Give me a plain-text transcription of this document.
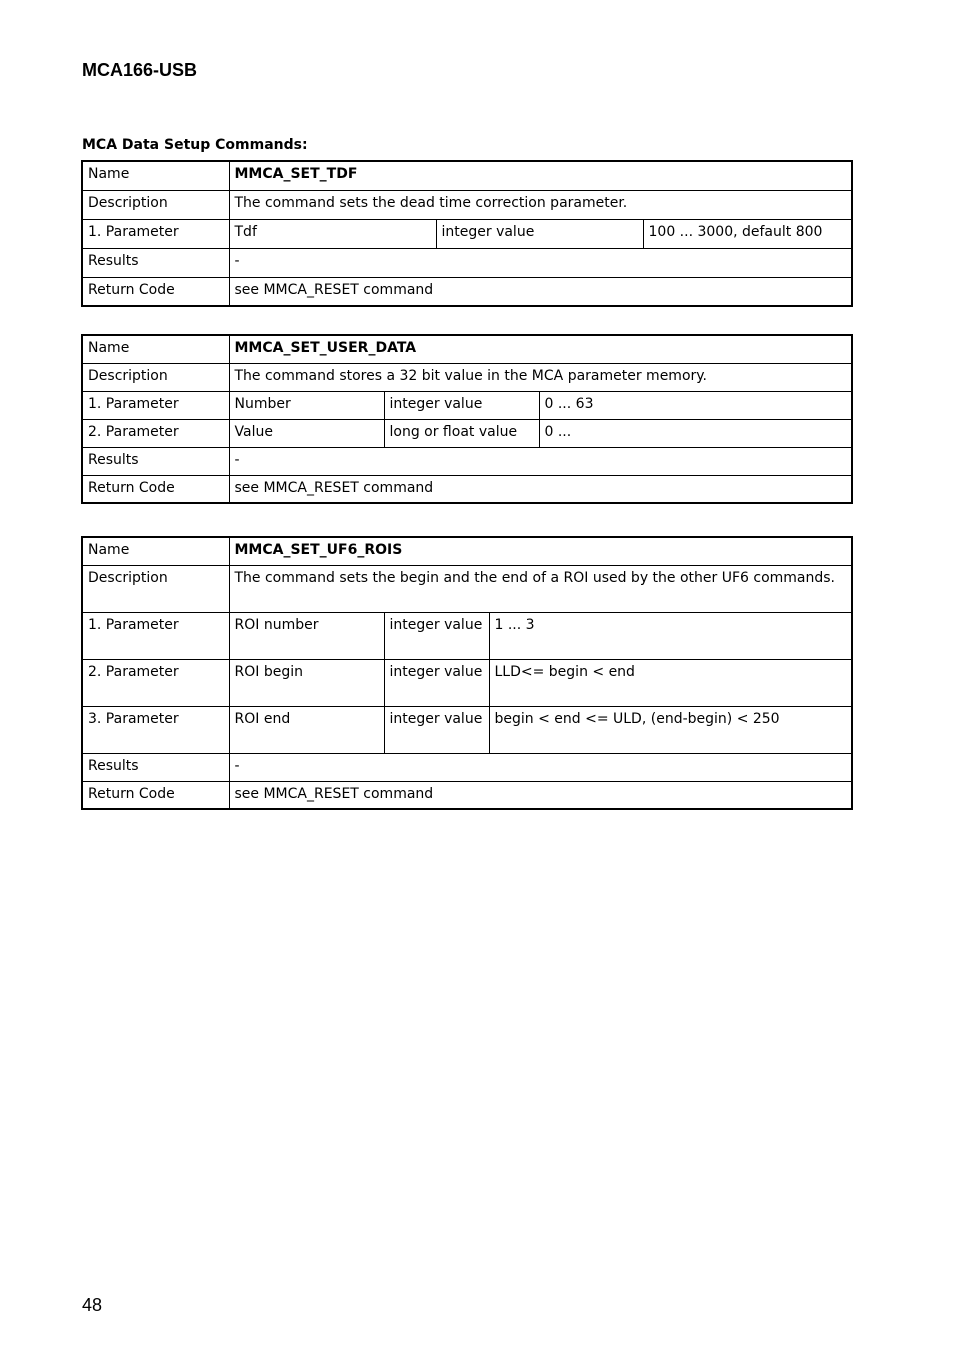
MCA166-USB
MCA Data Setup Commands:
Name	MMCA_SET_TDF		
Description	The command sets the dead time correction parameter.		
1. Parameter	Tdf	integer value	100 ... 3000, default 800
Results	-		
Return Code	see MMCA_RESET command		
Name	MMCA_SET_USER_DATA		
Description	The command stores a 32 bit value in the MCA parameter memory.		
1. Parameter	Number	integer value	0 ... 63
2. Parameter	Value	long or float value	0 ...
Results	-		
Return Code	see MMCA_RESET command		
Name	MMCA_SET_UF6_ROIS		
Description	The command sets the begin and the end of a ROI used by the other UF6 commands.		
1. Parameter	ROI number	integer value	1 ... 3
2. Parameter	ROI begin	integer value	LLD<= begin < end
3. Parameter	ROI end	integer value	begin < end <= ULD, (end-begin) < 250
Results	-		
Return Code	see MMCA_RESET command		
48
